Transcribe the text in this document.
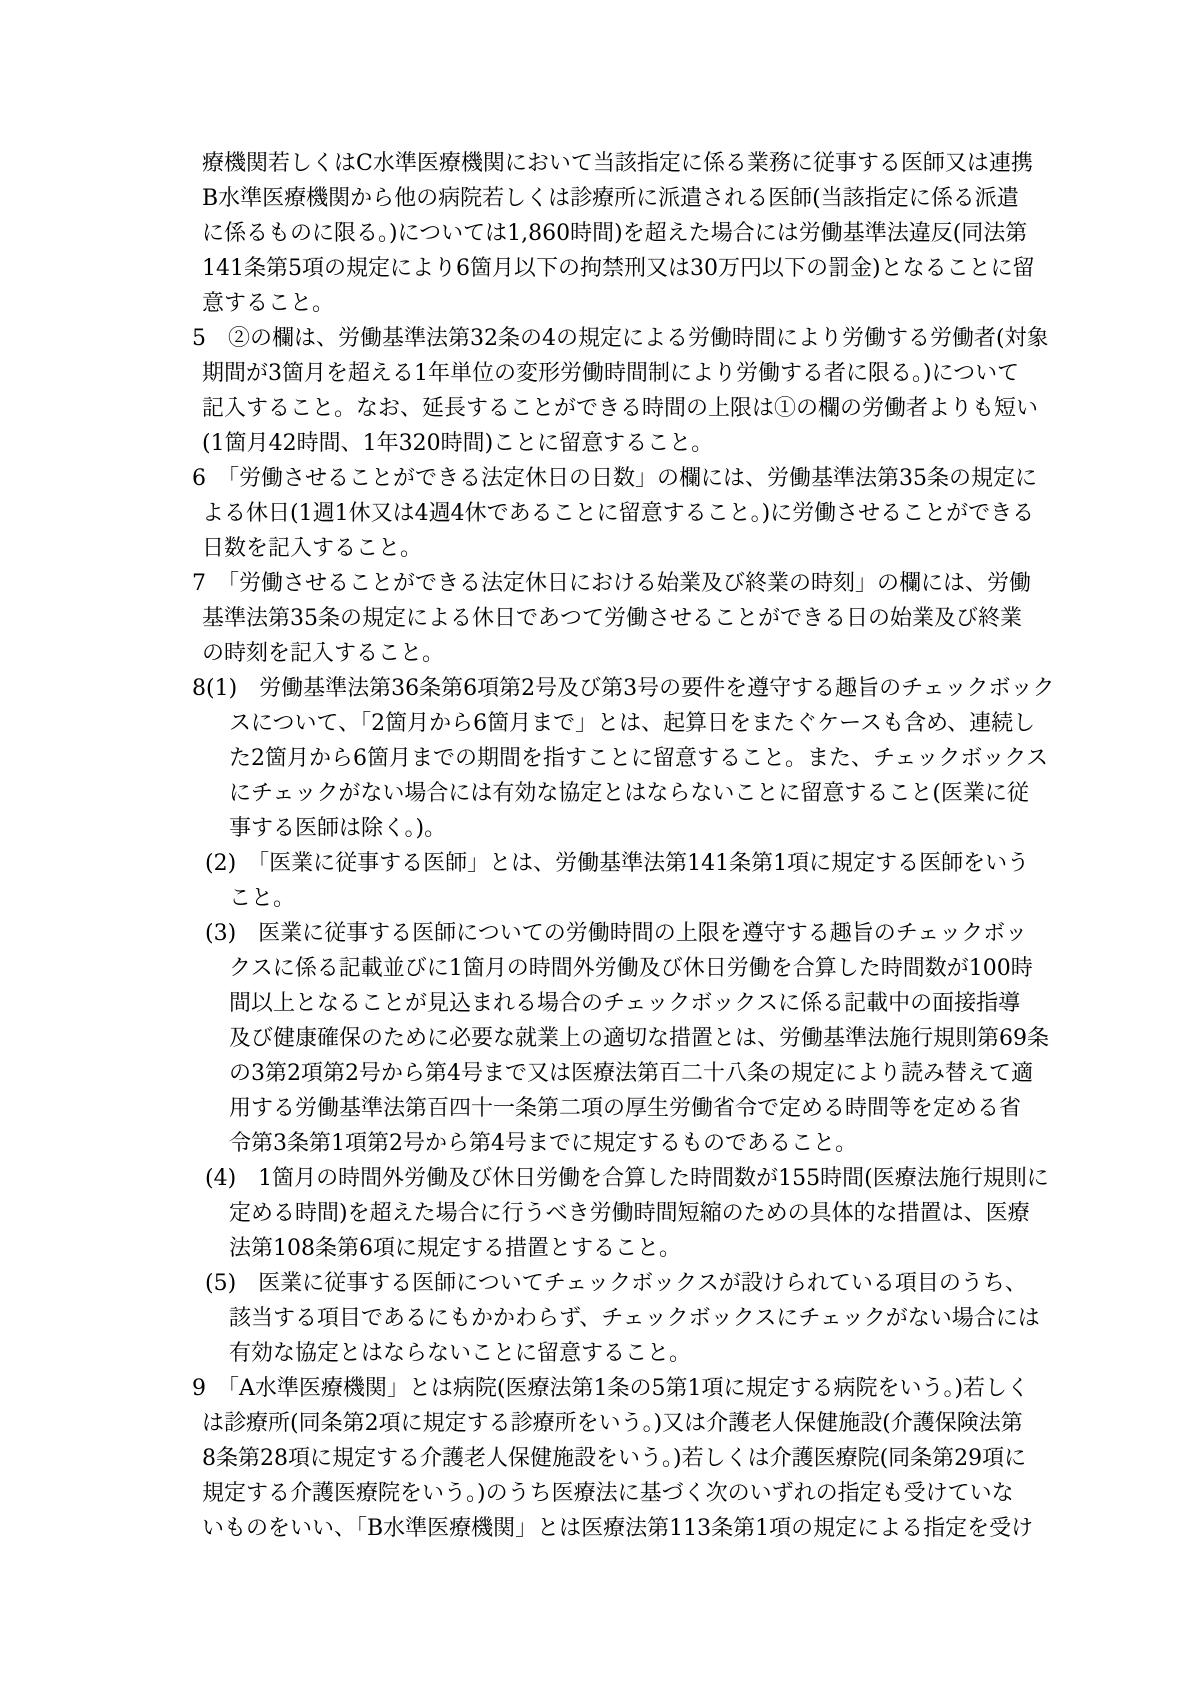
療機関若しくはC水準医療機関において当該指定に係る業務に従事する医師又は連携
B水準医療機関から他の病院若しくは診療所に派遣される医師(当該指定に係る派遣
に係るものに限る。)については1,860時間)を超えた場合には労働基準法違反(同法第
141条第5項の規定により6箇月以下の拘禁刑又は30万円以下の罰金)となることに留
意すること。
5　②の欄は、労働基準法第32条の4の規定による労働時間により労働する労働者(対象
期間が3箇月を超える1年単位の変形労働時間制により労働する者に限る。)について
記入すること。なお、延長することができる時間の上限は①の欄の労働者よりも短い
(1箇月42時間、1年320時間)ことに留意すること。
6　「労働させることができる法定休日の日数」の欄には、労働基準法第35条の規定に
よる休日(1週1休又は4週4休であることに留意すること。)に労働させることができる
日数を記入すること。
7　「労働させることができる法定休日における始業及び終業の時刻」の欄には、労働
基準法第35条の規定による休日であつて労働させることができる日の始業及び終業
の時刻を記入すること。
8(1)　労働基準法第36条第6項第2号及び第3号の要件を遵守する趣旨のチェックボック
スについて、「2箇月から6箇月まで」とは、起算日をまたぐケースも含め、連続し
た2箇月から6箇月までの期間を指すことに留意すること。また、チェックボックス
にチェックがない場合には有効な協定とはならないことに留意すること(医業に従
事する医師は除く。)。
(2)　「医業に従事する医師」とは、労働基準法第141条第1項に規定する医師をいう
こと。
(3)　医業に従事する医師についての労働時間の上限を遵守する趣旨のチェックボッ
クスに係る記載並びに1箇月の時間外労働及び休日労働を合算した時間数が100時
間以上となることが見込まれる場合のチェックボックスに係る記載中の面接指導
及び健康確保のために必要な就業上の適切な措置とは、労働基準法施行規則第69条
の3第2項第2号から第4号まで又は医療法第百二十八条の規定により読み替えて適
用する労働基準法第百四十一条第二項の厚生労働省令で定める時間等を定める省
令第3条第1項第2号から第4号までに規定するものであること。
(4)　1箇月の時間外労働及び休日労働を合算した時間数が155時間(医療法施行規則に
定める時間)を超えた場合に行うべき労働時間短縮のための具体的な措置は、医療
法第108条第6項に規定する措置とすること。
(5)　医業に従事する医師についてチェックボックスが設けられている項目のうち、
該当する項目であるにもかかわらず、チェックボックスにチェックがない場合には
有効な協定とはならないことに留意すること。
9　「A水準医療機関」とは病院(医療法第1条の5第1項に規定する病院をいう。)若しく
は診療所(同条第2項に規定する診療所をいう。)又は介護老人保健施設(介護保険法第
8条第28項に規定する介護老人保健施設をいう。)若しくは介護医療院(同条第29項に
規定する介護医療院をいう。)のうち医療法に基づく次のいずれの指定も受けていな
いものをいい、「B水準医療機関」とは医療法第113条第1項の規定による指定を受け
